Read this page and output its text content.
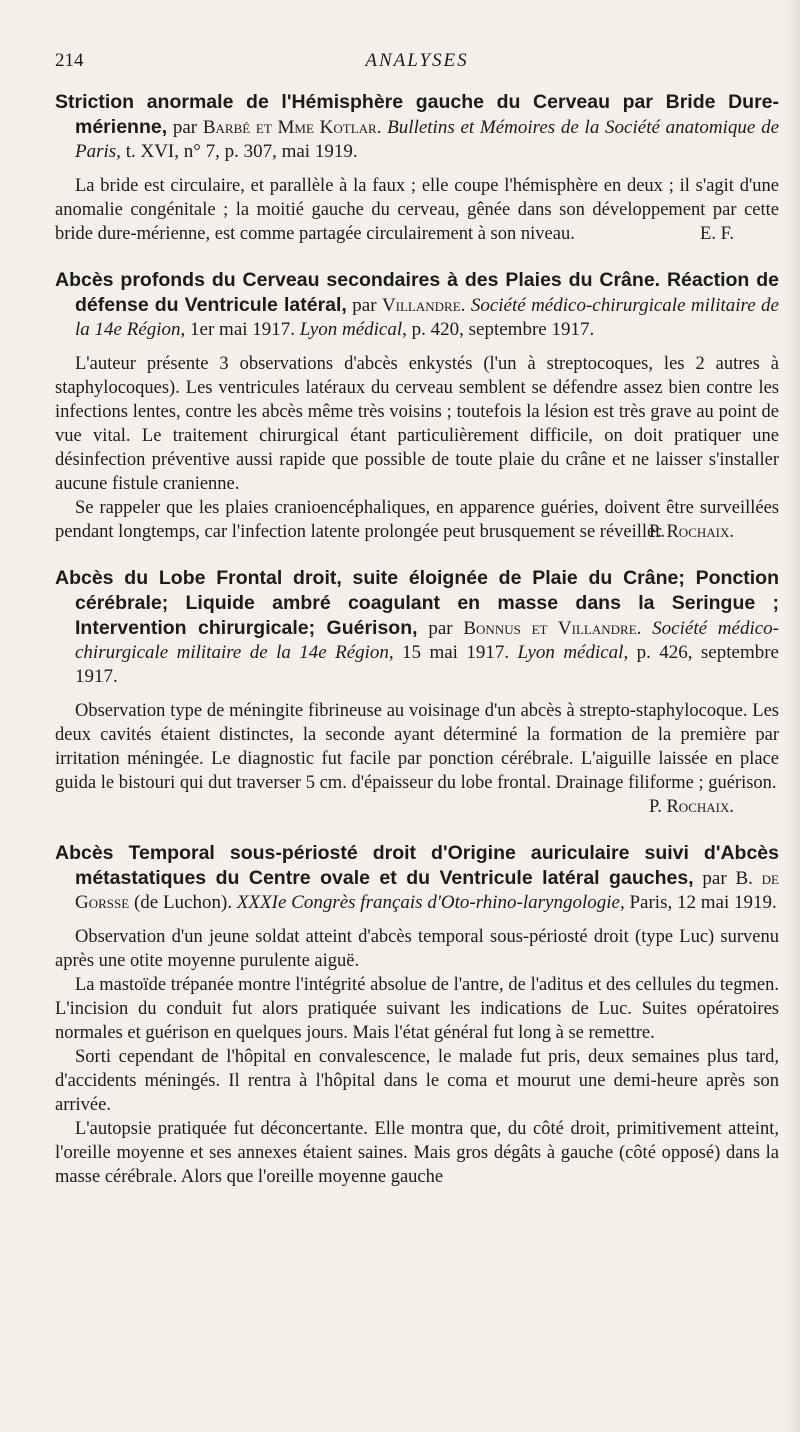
214	ANALYSES
Striction anormale de l'Hémisphère gauche du Cerveau par Bride Dure-mérienne, par Barbé et Mme Kotlar. Bulletins et Mémoires de la Société anatomique de Paris, t. XVI, n° 7, p. 307, mai 1919.

La bride est circulaire, et parallèle à la faux ; elle coupe l'hémisphère en deux ; il s'agit d'une anomalie congénitale ; la moitié gauche du cerveau, gênée dans son développement par cette bride dure-mérienne, est comme partagée circulairement à son niveau.	E. F.
Abcès profonds du Cerveau secondaires à des Plaies du Crâne. Réaction de défense du Ventricule latéral, par Villandre. Société médico-chirurgicale militaire de la 14e Région, 1er mai 1917. Lyon médical, p. 420, septembre 1917.

L'auteur présente 3 observations d'abcès enkystés (l'un à streptocoques, les 2 autres à staphylocoques). Les ventricules latéraux du cerveau semblent se défendre assez bien contre les infections lentes, contre les abcès même très voisins ; toutefois la lésion est très grave au point de vue vital. Le traitement chirurgical étant particulièrement difficile, on doit pratiquer une désinfection préventive aussi rapide que possible de toute plaie du crâne et ne laisser s'installer aucune fistule cranienne.

Se rappeler que les plaies cranioencéphaliques, en apparence guéries, doivent être surveillées pendant longtemps, car l'infection latente prolongée peut brusquement se réveiller.

P. Rochaix.
Abcès du Lobe Frontal droit, suite éloignée de Plaie du Crâne; Ponction cérébrale; Liquide ambré coagulant en masse dans la Seringue ; Intervention chirurgicale; Guérison, par Bonnus et Villandre. Société médico-chirurgicale militaire de la 14e Région, 15 mai 1917. Lyon médical, p. 426, septembre 1917.

Observation type de méningite fibrineuse au voisinage d'un abcès à strepto-staphylocoque. Les deux cavités étaient distinctes, la seconde ayant déterminé la formation de la première par irritation méningée. Le diagnostic fut facile par ponction cérébrale. L'aiguille laissée en place guida le bistouri qui dut traverser 5 cm. d'épaisseur du lobe frontal. Drainage filiforme ; guérison.

P. Rochaix.
Abcès Temporal sous-périosté droit d'Origine auriculaire suivi d'Abcès métastatiques du Centre ovale et du Ventricule latéral gauches, par B. de Gorsse (de Luchon). XXXIe Congrès français d'Oto-rhino-laryngologie, Paris, 12 mai 1919.

Observation d'un jeune soldat atteint d'abcès temporal sous-périosté droit (type Luc) survenu après une otite moyenne purulente aiguë.

La mastoïde trépanée montre l'intégrité absolue de l'antre, de l'aditus et des cellules du tegmen. L'incision du conduit fut alors pratiquée suivant les indications de Luc. Suites opératoires normales et guérison en quelques jours. Mais l'état général fut long à se remettre.

Sorti cependant de l'hôpital en convalescence, le malade fut pris, deux semaines plus tard, d'accidents méningés. Il rentra à l'hôpital dans le coma et mourut une demi-heure après son arrivée.

L'autopsie pratiquée fut déconcertante. Elle montra que, du côté droit, primitivement atteint, l'oreille moyenne et ses annexes étaient saines. Mais gros dégâts à gauche (côté opposé) dans la masse cérébrale. Alors que l'oreille moyenne gauche
